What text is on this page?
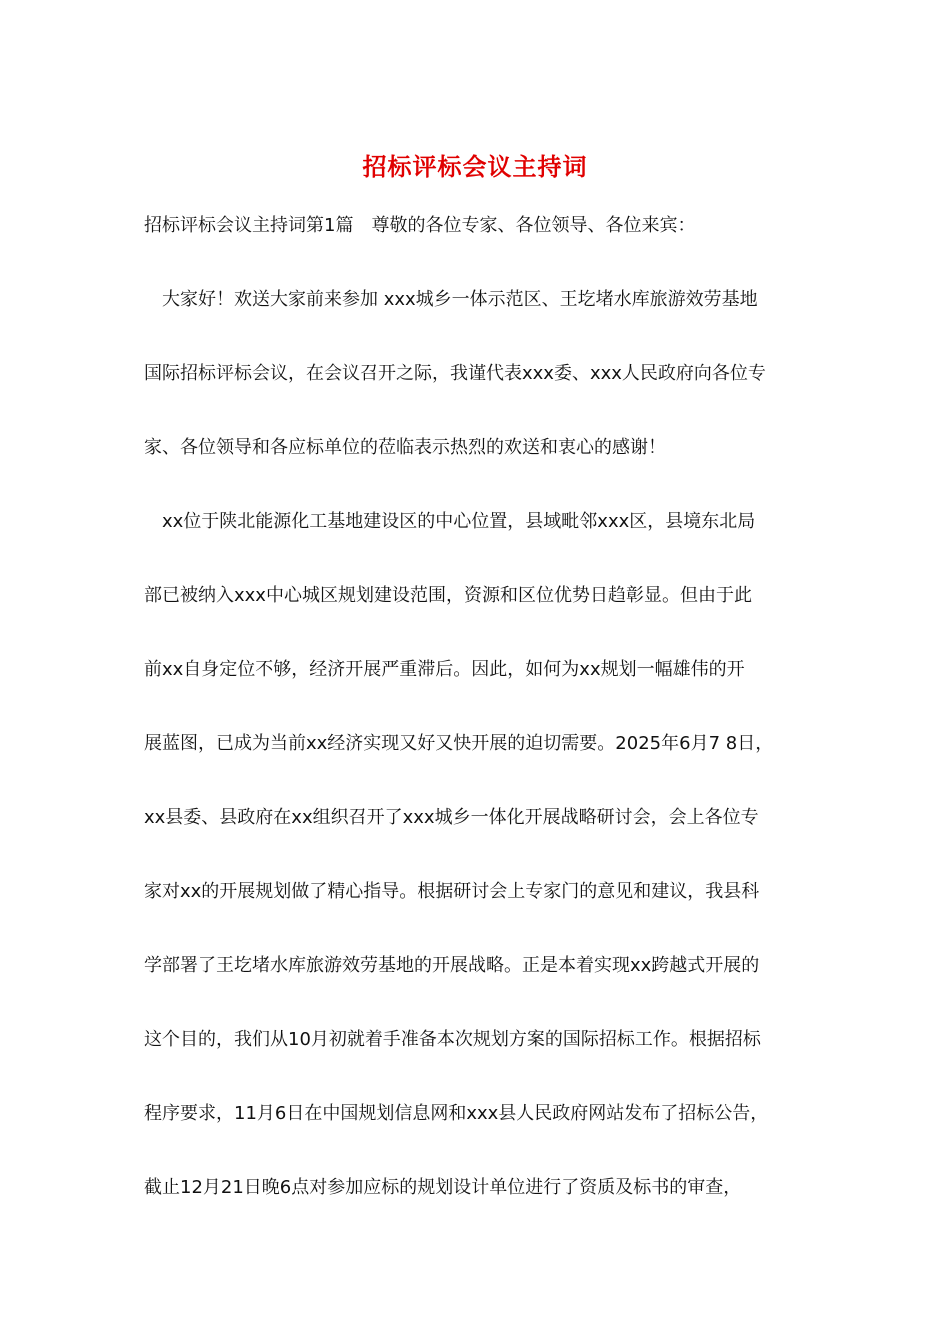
招标评标会议主持词
招标评标会议主持词第1篇　尊敬的各位专家、各位领导、各位来宾：
大家好！欢送大家前来参加 xxx城乡一体示范区、王圪堵水库旅游效劳基地
国际招标评标会议，在会议召开之际，我谨代表xxx委、xxx人民政府向各位专
家、各位领导和各应标单位的莅临表示热烈的欢送和衷心的感谢！
xx位于陕北能源化工基地建设区的中心位置，县域毗邻xxx区，县境东北局
部已被纳入xxx中心城区规划建设范围，资源和区位优势日趋彰显。但由于此
前xx自身定位不够，经济开展严重滞后。因此，如何为xx规划一幅雄伟的开
展蓝图，已成为当前xx经济实现又好又快开展的迫切需要。2025年6月7 8日，
xx县委、县政府在xx组织召开了xxx城乡一体化开展战略研讨会，会上各位专
家对xx的开展规划做了精心指导。根据研讨会上专家门的意见和建议，我县科
学部署了王圪堵水库旅游效劳基地的开展战略。正是本着实现xx跨越式开展的
这个目的，我们从10月初就着手准备本次规划方案的国际招标工作。根据招标
程序要求，11月6日在中国规划信息网和xxx县人民政府网站发布了招标公告，
截止12月21日晚6点对参加应标的规划设计单位进行了资质及标书的审查，
